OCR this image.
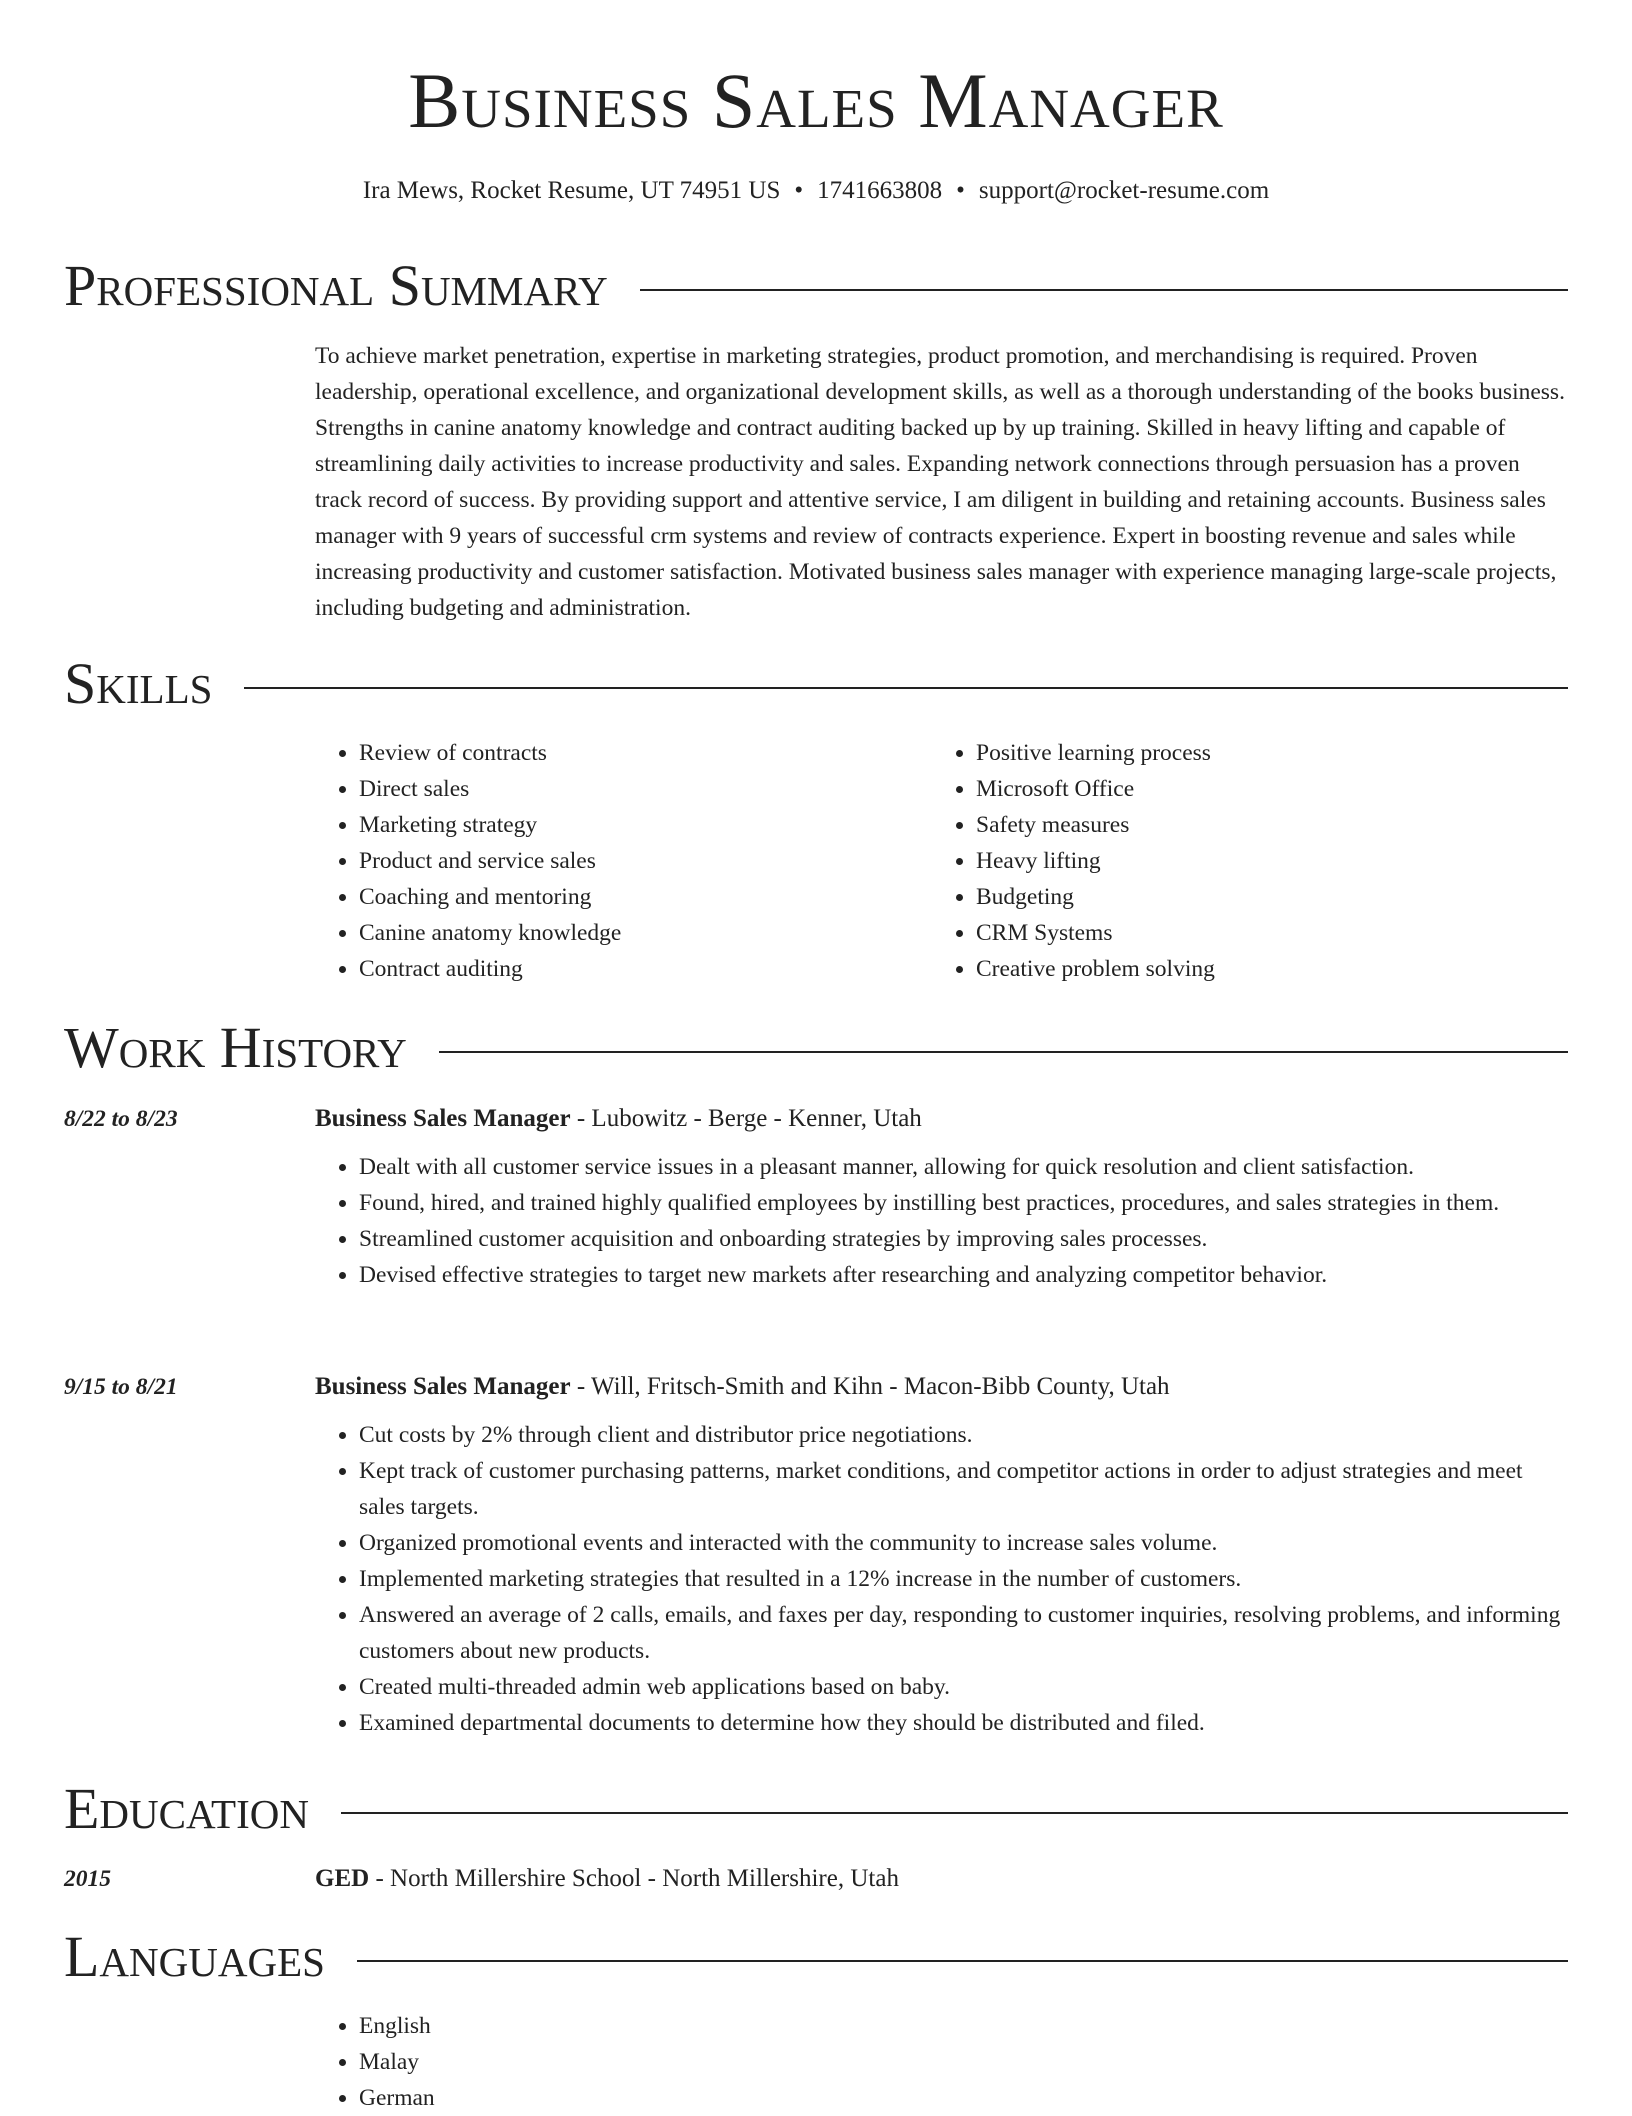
Business Sales Manager
Ira Mews, Rocket Resume, UT 74951 US • 1741663808 • support@rocket-resume.com
Professional Summary

To achieve market penetration, expertise in marketing strategies, product promotion, and merchandising is required. Proven leadership, operational excellence, and organizational development skills, as well as a thorough understanding of the books business. Strengths in canine anatomy knowledge and contract auditing backed up by up training. Skilled in heavy lifting and capable of streamlining daily activities to increase productivity and sales. Expanding network connections through persuasion has a proven track record of success. By providing support and attentive service, I am diligent in building and retaining accounts. Business sales manager with 9 years of successful crm systems and review of contracts experience. Expert in boosting revenue and sales while increasing productivity and customer satisfaction. Motivated business sales manager with experience managing large-scale projects, including budgeting and administration.

Skills
• Review of contracts
• Direct sales
• Marketing strategy
• Product and service sales
• Coaching and mentoring
• Canine anatomy knowledge
• Contract auditing
• Positive learning process
• Microsoft Office
• Safety measures
• Heavy lifting
• Budgeting
• CRM Systems
• Creative problem solving
Work History
8/22 to 8/23	Business Sales Manager - Lubowitz - Berge - Kenner, Utah
• Dealt with all customer service issues in a pleasant manner, allowing for quick resolution and client satisfaction.
• Found, hired, and trained highly qualified employees by instilling best practices, procedures, and sales strategies in them.
• Streamlined customer acquisition and onboarding strategies by improving sales processes.
• Devised effective strategies to target new markets after researching and analyzing competitor behavior.
9/15 to 8/21	Business Sales Manager - Will, Fritsch-Smith and Kihn - Macon-Bibb County, Utah
• Cut costs by 2% through client and distributor price negotiations.
• Kept track of customer purchasing patterns, market conditions, and competitor actions in order to adjust strategies and meet sales targets.
• Organized promotional events and interacted with the community to increase sales volume.
• Implemented marketing strategies that resulted in a 12% increase in the number of customers.
• Answered an average of 2 calls, emails, and faxes per day, responding to customer inquiries, resolving problems, and informing customers about new products.
• Created multi-threaded admin web applications based on baby.
• Examined departmental documents to determine how they should be distributed and filed.
Education
2015	GED - North Millershire School - North Millershire, Utah
Languages
• English
• Malay
• German
